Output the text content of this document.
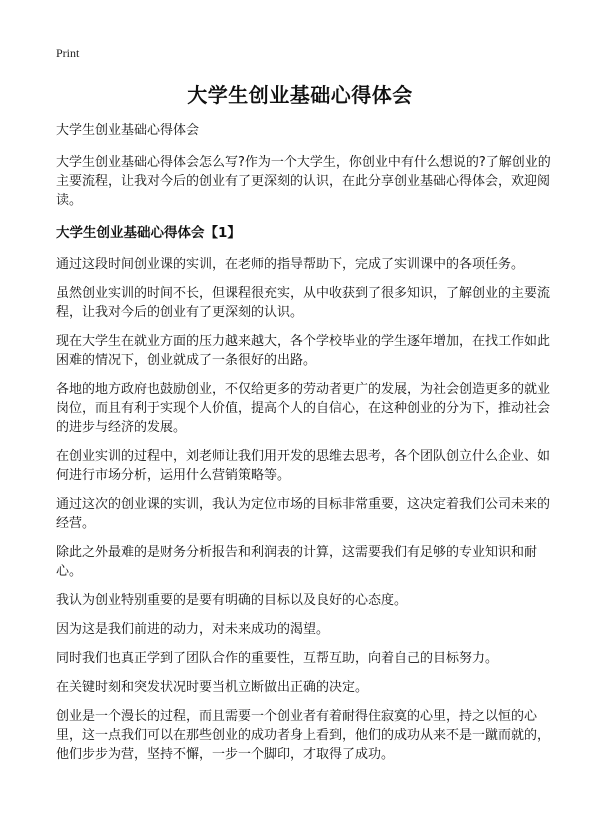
Print
大学生创业基础心得体会

大学生创业基础心得体会

大学生创业基础心得体会怎么写?作为一个大学生，你创业中有什么想说的?了解创业的主要流程，让我对今后的创业有了更深刻的认识，在此分享创业基础心得体会，欢迎阅读。

大学生创业基础心得体会【1】

通过这段时间创业课的实训，在老师的指导帮助下，完成了实训课中的各项任务。

虽然创业实训的时间不长，但课程很充实，从中收获到了很多知识，了解创业的主要流程，让我对今后的创业有了更深刻的认识。

现在大学生在就业方面的压力越来越大，各个学校毕业的学生逐年增加，在找工作如此困难的情况下，创业就成了一条很好的出路。

各地的地方政府也鼓励创业，不仅给更多的劳动者更广的发展，为社会创造更多的就业岗位，而且有利于实现个人价值，提高个人的自信心，在这种创业的分为下，推动社会的进步与经济的发展。

在创业实训的过程中，刘老师让我们用开发的思维去思考，各个团队创立什么企业、如何进行市场分析，运用什么营销策略等。

通过这次的创业课的实训，我认为定位市场的目标非常重要，这决定着我们公司未来的经营。

除此之外最难的是财务分析报告和利润表的计算，这需要我们有足够的专业知识和耐心。

我认为创业特别重要的是要有明确的目标以及良好的心态度。

因为这是我们前进的动力，对未来成功的渴望。

同时我们也真正学到了团队合作的重要性，互帮互助，向着自己的目标努力。

在关键时刻和突发状况时要当机立断做出正确的决定。

创业是一个漫长的过程，而且需要一个创业者有着耐得住寂寞的心里，持之以恒的心里，这一点我们可以在那些创业的成功者身上看到，他们的成功从来不是一蹴而就的，他们步步为营，坚持不懈，一步一个脚印，才取得了成功。
